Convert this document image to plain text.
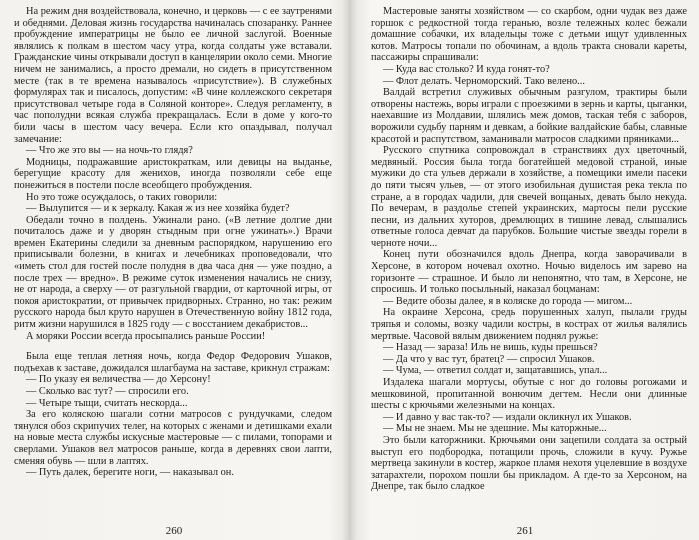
На режим дня воздействовала, конечно, и церковь — с ее заутренями и обеднями. Деловая жизнь государства начиналась спозаранку. Раннее пробуждение императрицы не было ее личной заслугой. Военные являлись к полкам в шестом часу утра, когда солдаты уже вставали. Гражданские чины открывали доступ в канцелярии около семи. Многие ничем не занимались, а просто дремали, но сидеть в присутственном месте (так в те времена называлось «присутствие»). В служебных формулярах так и писалось, допустим: «В чине коллежского секретаря присутствовал четыре года в Соляной конторе». Следуя регламенту, в час пополудни всякая служба прекращалась. Если в доме у кого-то били часы в шестом часу вечера. Если кто опаздывал, получал замечание:

— Что же это вы — на ночь-то глядя?

Модницы, подражавшие аристократкам, или девицы на выданье, берегущие красоту для женихов, иногда позволяли себе еще понежиться в постели после всеобщего пробуждения.

Но это тоже осуждалось, о таких говорили:

— Вылупится — и к зеркалу. Какая ж из нее хозяйка будет?

Обедали точно в полдень. Ужинали рано. («В летние долгие дни почиталось даже и у дворян стыдным при огне ужинать».) Врачи времен Екатерины следили за дневным распорядком, нарушению его приписывали болезни, в книгах и лечебниках проповедовали, что «иметь стол для гостей после полудня в два часа дня — уже поздно, а после трех — вредно». В режиме суток изменения начались не снизу, не от народа, а сверху — от разгульной гвардии, от карточной игры, от покоя аристократии, от привычек придворных. Странно, но так: режим русского народа был круто нарушен в Отечественную войну 1812 года, ритм жизни нарушился в 1825 году — с восстанием декабристов...

А моряки России всегда просыпались раньше России!

Была еще теплая летняя ночь, когда Федор Федорович Ушаков, подъехав к заставе, дожидался шлагбаума на заставе, крикнул стражам:

— По указу ея величества — до Херсону!

— Сколько вас тут? — спросили его.

— Четыре тыщи, считать нескорда...

За его коляскою шагали сотни матросов с рундучками, следом тянулся обоз скрипучих телег, на которых с женами и детишками ехали на новые места службы искусные мастеровые — с пилами, топорами и сверлами. Ушаков вел матросов раньше, когда в деревнях свои лапти, сменяя обувь — шли в лаптях.

— Путь далек, берегите ноги, — наказывал он.

260

Мастеровые заняты хозяйством — со скарбом, одни чудак вез даже горшок с редкостной тогда геранью, возле тележных колес бежали домашние собачки, их владельцы тоже с детьми ищут удивленных котов. Матросы топали по обочинам, а вдоль тракта сновали кареты, пассажиры спрашивали:

— Куда вас столько? И куда гонят-то?

— Флот делать. Черноморский. Тако велено...

Валдай встретил служивых обычным разгулом, трактиры были отворены настежь, воры играли с проезжими в зернь и карты, цыганки, наехавшие из Молдавии, шлялись меж домов, таская тебя с заборов, ворожили судьбу парням и девкам, а бойкие валдайские бабы, славные красотой и распутством, заманивали матросов сладкими пряниками...

Русского спутника сопровождал в странствиях дух цветочный, медвяный. Россия была тогда богатейшей медовой страной, иные мужики до ста ульев держали в хозяйстве, а помещики имели пасеки до пяти тысяч ульев, — от этого изобильная душистая река текла по стране, а в городах чадили, для свечей вощаных, девать было некуда. По вечерам, в раздолье степей украинских, мартосы пели русские песни, из дальних хуторов, дремлющих в тишине левад, слышались ответные голоса девчат да парубков. Большие чистые звезды горели в черноте ночи...

Конец пути обозначился вдоль Днепра, когда заворачивали в Херсоне, в котором ночевал охотно. Ночью виделось им зарево на горизонте — страшное. И было ли непонятно, что там, в Херсоне, не спросишь. И только посыльный, наказал боцманам:

— Ведите обозы далее, я в коляске до города — мигом...

На окраине Херсона, средь порушенных халуп, пылали груды тряпья и соломы, возку чадили костры, в кострах от жилья валялись мертвые. Часовой вялым движением поднял ружье:

— Назад — зараза! Иль не вишь, куды прешься?

— Да что у вас тут, братец? — спросил Ушаков.

— Чума, — ответил солдат и, защатавшись, упал...

Издалека шагали мортусы, обутые с ног до головы рогожами и мешковиной, пропитанной вонючим дегтем. Несли они длинные шесты с крючьями железными на концах.

— И давно у вас так-то? — издали окликнул их Ушаков.

— Мы не знаем. Мы не здешние. Мы каторжные...

Это были каторжники. Крючьями они зацепили солдата за острый выступ его подбородка, потащили прочь, сложили в кучу. Ружье мертвеца закинули в костер, жаркое пламя нехотя уцелевшие в воздухе затарахтели, порохом пошли бы прикладом. А где-то за Херсоном, на Днепре, так было сладкое

261
